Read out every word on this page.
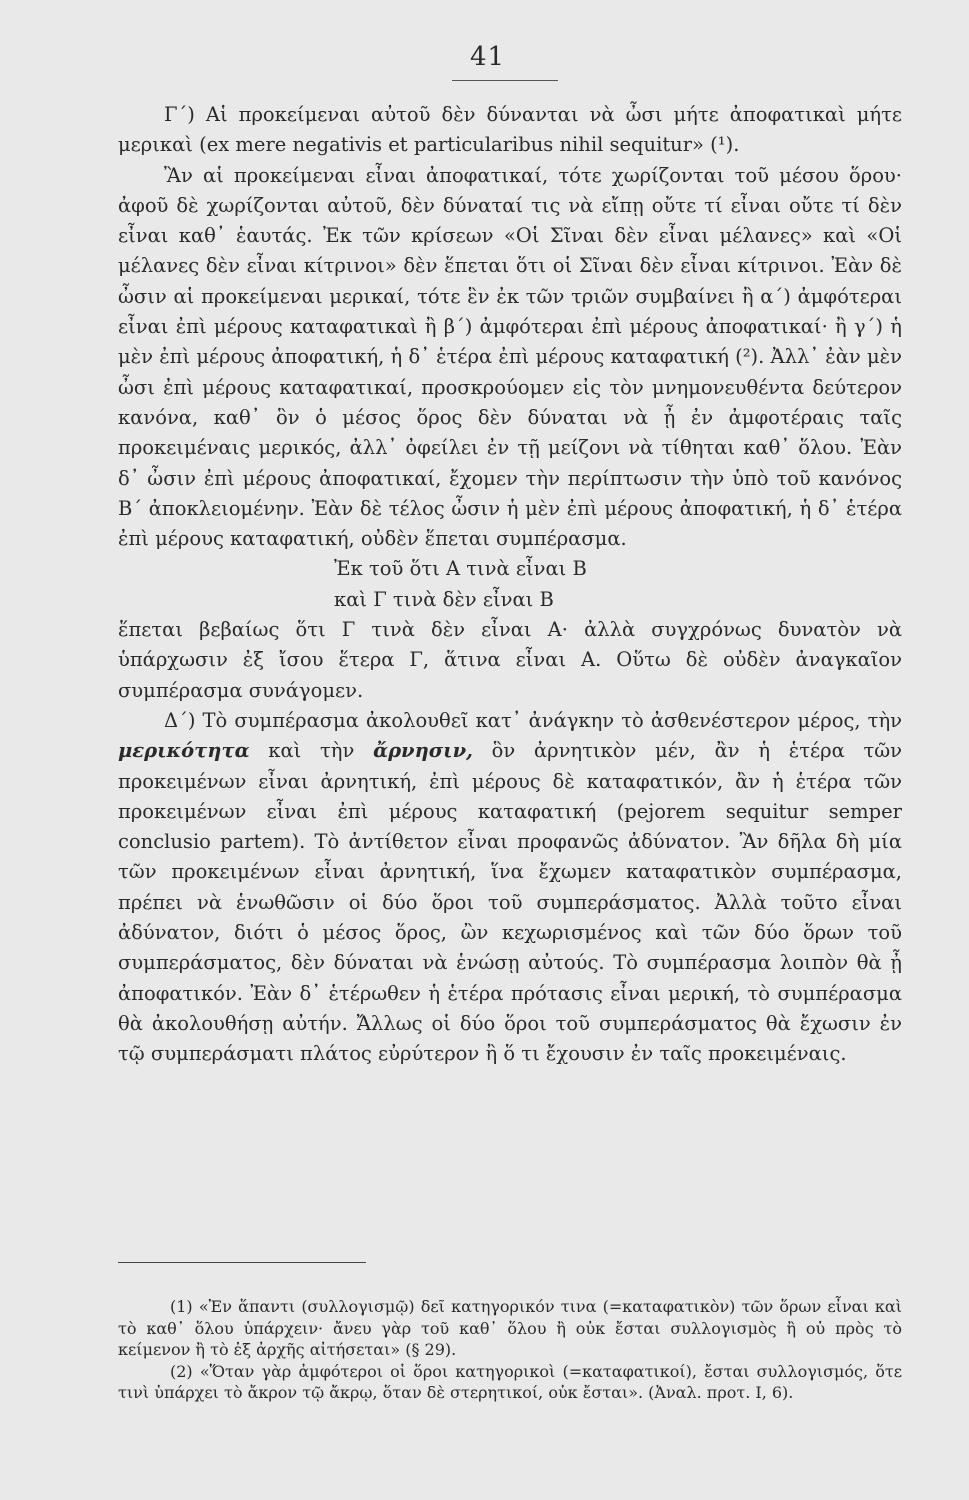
41

Γ΄) Αἱ προκείμεναι αὐτοῦ δὲν δύνανται νὰ ὦσι μήτε ἀποφατικαὶ μήτε μερικαὶ (ex mere negativis et particularibus nihil sequitur» (¹).

Ἂν αἱ προκείμεναι εἶναι ἀποφατικαί, τότε χωρίζονται τοῦ μέσου ὅρου· ἀφοῦ δὲ χωρίζονται αὐτοῦ, δὲν δύναταί τις νὰ εἴπῃ οὔτε τί εἶναι οὔτε τί δὲν εἶναι καθ᾽ ἑαυτάς. Ἐκ τῶν κρίσεων «Οἱ Σῖναι δὲν εἶναι μέλανες» καὶ «Οἱ μέλανες δὲν εἶναι κίτρινοι» δὲν ἕπεται ὅτι οἱ Σῖναι δὲν εἶναι κίτρινοι. Ἐὰν δὲ ὦσιν αἱ προκείμεναι μερικαί, τότε ἓν ἐκ τῶν τριῶν συμβαίνει ἢ α΄) ἀμφότεραι εἶναι ἐπὶ μέρους καταφατικαὶ ἢ β΄) ἀμφότεραι ἐπὶ μέρους ἀποφατικαί· ἢ γ΄) ἡ μὲν ἐπὶ μέρους ἀποφατική, ἡ δ᾽ ἑτέρα ἐπὶ μέρους καταφατική (²). Ἀλλ᾽ ἐὰν μὲν ὦσι ἐπὶ μέρους καταφατικαί, προσκρούομεν εἰς τὸν μνημονευθέντα δεύτερον κανόνα, καθ᾽ ὃν ὁ μέσος ὅρος δὲν δύναται νὰ ᾖ ἐν ἀμφοτέραις ταῖς προκειμέναις μερικός, ἀλλ᾽ ὀφείλει ἐν τῇ μείζονι νὰ τίθηται καθ᾽ ὅλου. Ἐὰν δ᾽ ὦσιν ἐπὶ μέρους ἀποφατικαί, ἔχομεν τὴν περίπτωσιν τὴν ὑπὸ τοῦ κανόνος Β΄ ἀποκλειομένην. Ἐὰν δὲ τέλος ὦσιν ἡ μὲν ἐπὶ μέρους ἀποφατική, ἡ δ᾽ ἑτέρα ἐπὶ μέρους καταφατική, οὐδὲν ἕπεται συμπέρασμα.

Ἐκ τοῦ ὅτι Α τινὰ εἶναι Β

καὶ Γ τινὰ δὲν εἶναι Β

ἕπεται βεβαίως ὅτι Γ τινὰ δὲν εἶναι Α· ἀλλὰ συγχρόνως δυνατὸν νὰ ὑπάρχωσιν ἐξ ἴσου ἕτερα Γ, ἅτινα εἶναι Α. Οὕτω δὲ οὐδὲν ἀναγκαῖον συμπέρασμα συνάγομεν.

Δ΄) Τὸ συμπέρασμα ἀκολουθεῖ κατ᾽ ἀνάγκην τὸ ἀσθενέστερον μέρος, τὴν μερικότητα καὶ τὴν ἄρνησιν, ὃν ἀρνητικὸν μέν, ἂν ἡ ἑτέρα τῶν προκειμένων εἶναι ἀρνητική, ἐπὶ μέρους δὲ καταφατικόν, ἂν ἡ ἑτέρα τῶν προκειμένων εἶναι ἐπὶ μέρους καταφατική (pejorem sequitur semper conclusio partem). Τὸ ἀντίθετον εἶναι προφανῶς ἀδύνατον. Ἂν δῆλα δὴ μία τῶν προκειμένων εἶναι ἀρνητική, ἵνα ἔχωμεν καταφατικὸν συμπέρασμα, πρέπει νὰ ἑνωθῶσιν οἱ δύο ὅροι τοῦ συμπεράσματος. Ἀλλὰ τοῦτο εἶναι ἀδύνατον, διότι ὁ μέσος ὅρος, ὢν κεχωρισμένος καὶ τῶν δύο ὅρων τοῦ συμπεράσματος, δὲν δύναται νὰ ἑνώσῃ αὐτούς. Τὸ συμπέρασμα λοιπὸν θὰ ᾖ ἀποφατικόν. Ἐὰν δ᾽ ἑτέρωθεν ἡ ἑτέρα πρότασις εἶναι μερική, τὸ συμπέρασμα θὰ ἀκολουθήσῃ αὐτήν. Ἄλλως οἱ δύο ὅροι τοῦ συμπεράσματος θὰ ἔχωσιν ἐν τῷ συμπεράσματι πλάτος εὐρύτερον ἢ ὅ τι ἔχουσιν ἐν ταῖς προκειμέναις.

(1) «Ἐν ἅπαντι (συλλογισμῷ) δεῖ κατηγορικόν τινα (=καταφατικὸν) τῶν ὅρων εἶναι καὶ τὸ καθ᾽ ὅλου ὑπάρχειν· ἄνευ γὰρ τοῦ καθ᾽ ὅλου ἢ οὐκ ἔσται συλλογισμὸς ἢ οὐ πρὸς τὸ κείμενον ἢ τὸ ἐξ ἀρχῆς αἰτήσεται» (§ 29).

(2) «Ὅταν γὰρ ἀμφότεροι οἱ ὅροι κατηγορικοὶ (=καταφατικοί), ἔσται συλλογισμός, ὅτε τινὶ ὑπάρχει τὸ ἄκρον τῷ ἄκρῳ, ὅταν δὲ στερητικοί, οὐκ ἔσται». (Ἀναλ. προτ. Ι, 6).
